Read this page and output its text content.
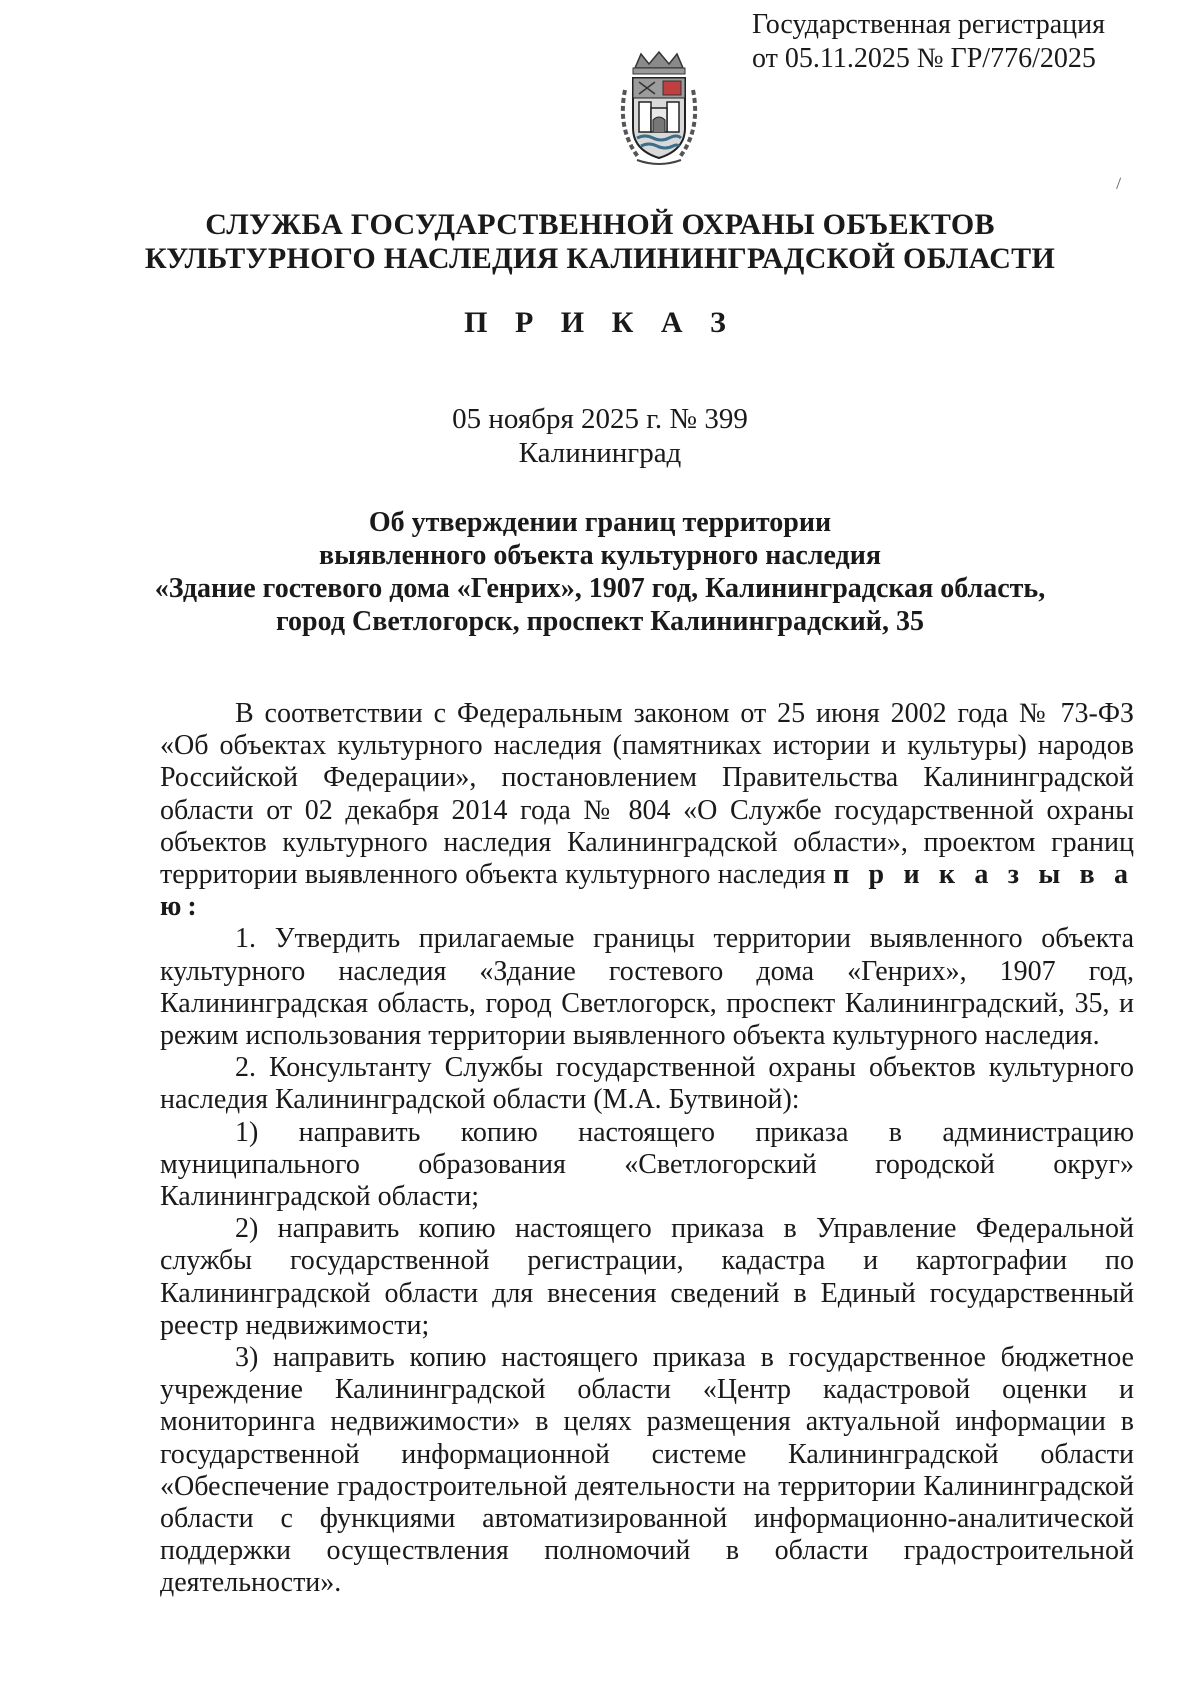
Государственная регистрация
от 05.11.2025 № ГР/776/2025
СЛУЖБА ГОСУДАРСТВЕННОЙ ОХРАНЫ ОБЪЕКТОВ
КУЛЬТУРНОГО НАСЛЕДИЯ КАЛИНИНГРАДСКОЙ ОБЛАСТИ
П Р И К А З
05 ноября 2025 г. № 399
Калининград
Об утверждении границ территории
выявленного объекта культурного наследия
«Здание гостевого дома «Генрих», 1907 год, Калининградская область,
город Светлогорск, проспект Калининградский, 35

В соответствии с Федеральным законом от 25 июня 2002 года № 73-ФЗ «Об объектах культурного наследия (памятниках истории и культуры) народов Российской Федерации», постановлением Правительства Калининградской области от 02 декабря 2014 года № 804 «О Службе государственной охраны объектов культурного наследия Калининградской области», проектом границ территории выявленного объекта культурного наследия п р и к а з ы в а ю:

1. Утвердить прилагаемые границы территории выявленного объекта культурного наследия «Здание гостевого дома «Генрих», 1907 год, Калининградская область, город Светлогорск, проспект Калининградский, 35, и режим использования территории выявленного объекта культурного наследия.

2. Консультанту Службы государственной охраны объектов культурного наследия Калининградской области (М.А. Бутвиной):

1) направить копию настоящего приказа в администрацию муниципального образования «Светлогорский городской округ» Калининградской области;

2) направить копию настоящего приказа в Управление Федеральной службы государственной регистрации, кадастра и картографии по Калининградской области для внесения сведений в Единый государственный реестр недвижимости;

3) направить копию настоящего приказа в государственное бюджетное учреждение Калининградской области «Центр кадастровой оценки и мониторинга недвижимости» в целях размещения актуальной информации в государственной информационной системе Калининградской области «Обеспечение градостроительной деятельности на территории Калининградской области с функциями автоматизированной информационно-аналитической поддержки осуществления полномочий в области градостроительной деятельности».
